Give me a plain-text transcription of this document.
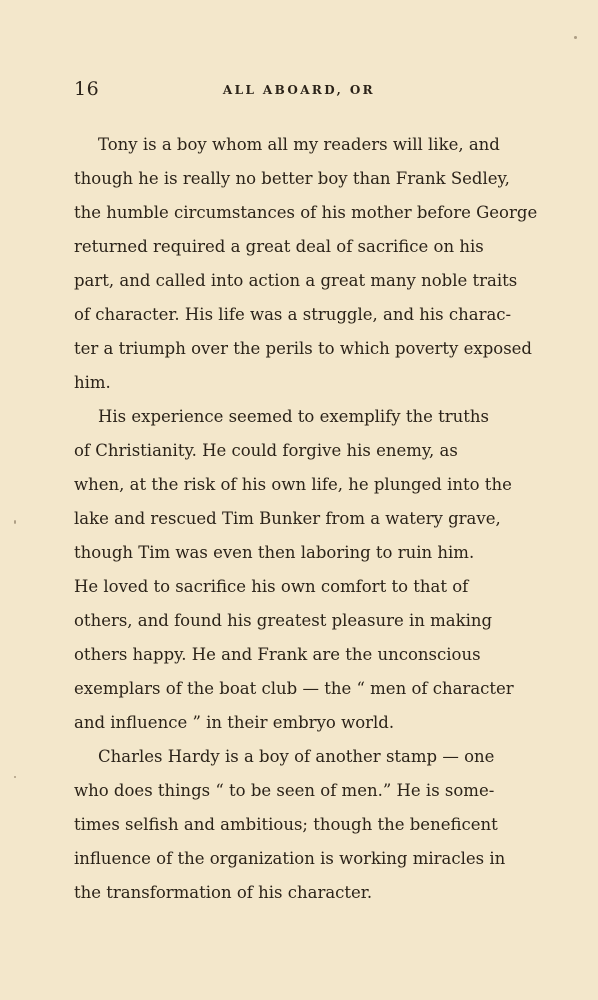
16	ALL ABOARD, OR

Tony is a boy whom all my readers will like, and
though he is really no better boy than Frank Sedley,
the humble circumstances of his mother before George
returned required a great deal of sacrifice on his
part, and called into action a great many noble traits
of character. His life was a struggle, and his charac-
ter a triumph over the perils to which poverty exposed
him.

His experience seemed to exemplify the truths
of Christianity. He could forgive his enemy, as
when, at the risk of his own life, he plunged into the
lake and rescued Tim Bunker from a watery grave,
though Tim was even then laboring to ruin him.
He loved to sacrifice his own comfort to that of
others, and found his greatest pleasure in making
others happy. He and Frank are the unconscious
exemplars of the boat club — the “ men of character
and influence ” in their embryo world.

Charles Hardy is a boy of another stamp — one
who does things “ to be seen of men.” He is some-
times selfish and ambitious; though the beneficent
influence of the organization is working miracles in
the transformation of his character.
